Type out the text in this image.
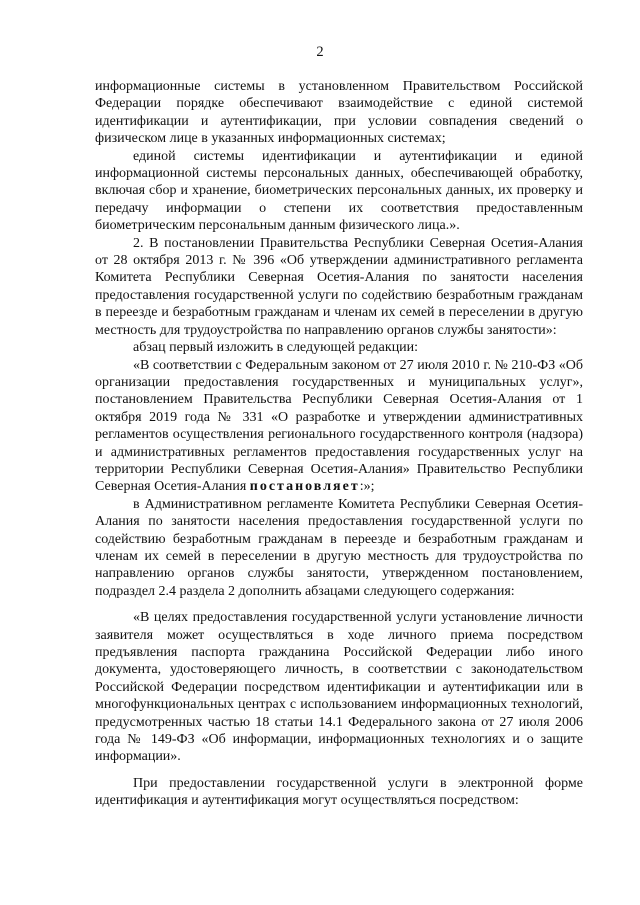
2

информационные системы в установленном Правительством Российской Федерации порядке обеспечивают взаимодействие с единой системой идентификации и аутентификации, при условии совпадения сведений о физическом лице в указанных информационных системах;

единой системы идентификации и аутентификации и единой информационной системы персональных данных, обеспечивающей обработку, включая сбор и хранение, биометрических персональных данных, их проверку и передачу информации о степени их соответствия предоставленным биометрическим персональным данным физического лица.».

2. В постановлении Правительства Республики Северная Осетия-Алания от 28 октября 2013 г. № 396 «Об утверждении административного регламента Комитета Республики Северная Осетия-Алания по занятости населения предоставления государственной услуги по содействию безработным гражданам в переезде и безработным гражданам и членам их семей в переселении в другую местность для трудоустройства по направлению органов службы занятости»:

абзац первый изложить в следующей редакции:

«В соответствии с Федеральным законом от 27 июля 2010 г. № 210-ФЗ «Об организации предоставления государственных и муниципальных услуг», постановлением Правительства Республики Северная Осетия-Алания от 1 октября 2019 года № 331 «О разработке и утверждении административных регламентов осуществления регионального государственного контроля (надзора) и административных регламентов предоставления государственных услуг на территории Республики Северная Осетия-Алания» Правительство Республики Северная Осетия-Алания постановляет:»;

в Административном регламенте Комитета Республики Северная Осетия-Алания по занятости населения предоставления государственной услуги по содействию безработным гражданам в переезде и безработным гражданам и членам их семей в переселении в другую местность для трудоустройства по направлению органов службы занятости, утвержденном постановлением, подраздел 2.4 раздела 2 дополнить абзацами следующего содержания:

«В целях предоставления государственной услуги установление личности заявителя может осуществляться в ходе личного приема посредством предъявления паспорта гражданина Российской Федерации либо иного документа, удостоверяющего личность, в соответствии с законодательством Российской Федерации посредством идентификации и аутентификации или в многофункциональных центрах с использованием информационных технологий, предусмотренных частью 18 статьи 14.1 Федерального закона от 27 июля 2006 года № 149-ФЗ «Об информации, информационных технологиях и о защите информации».

При предоставлении государственной услуги в электронной форме идентификация и аутентификация могут осуществляться посредством:
